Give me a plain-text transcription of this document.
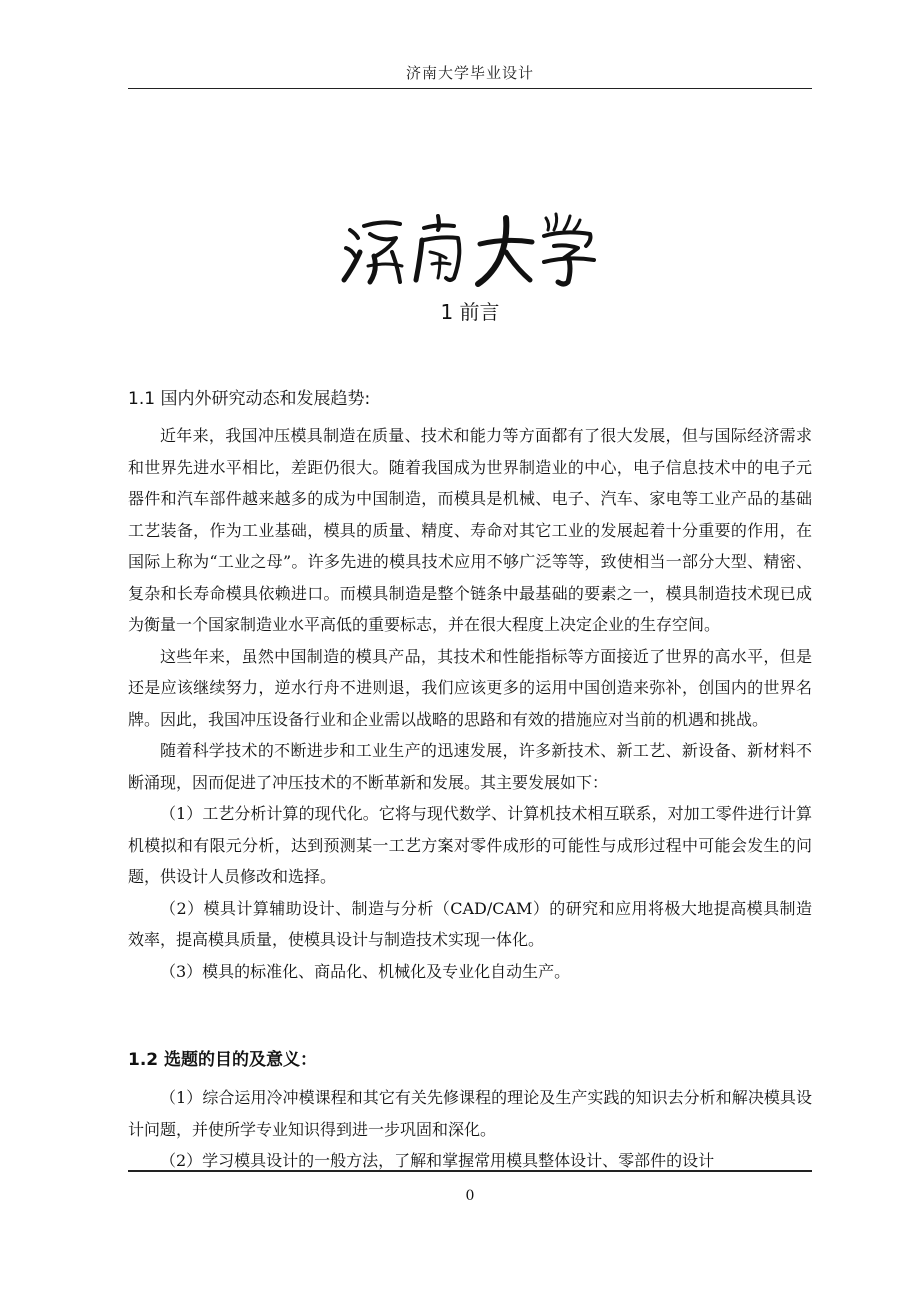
济南大学毕业设计
1 前言
1.1 国内外研究动态和发展趋势:

近年来，我国冲压模具制造在质量、技术和能力等方面都有了很大发展，但与国际经济需求和世界先进水平相比，差距仍很大。随着我国成为世界制造业的中心，电子信息技术中的电子元器件和汽车部件越来越多的成为中国制造，而模具是机械、电子、汽车、家电等工业产品的基础工艺装备，作为工业基础，模具的质量、精度、寿命对其它工业的发展起着十分重要的作用，在国际上称为“工业之母”。许多先进的模具技术应用不够广泛等等，致使相当一部分大型、精密、复杂和长寿命模具依赖进口。而模具制造是整个链条中最基础的要素之一，模具制造技术现已成为衡量一个国家制造业水平高低的重要标志，并在很大程度上决定企业的生存空间。

这些年来，虽然中国制造的模具产品，其技术和性能指标等方面接近了世界的高水平，但是还是应该继续努力，逆水行舟不进则退，我们应该更多的运用中国创造来弥补，创国内的世界名牌。因此，我国冲压设备行业和企业需以战略的思路和有效的措施应对当前的机遇和挑战。

随着科学技术的不断进步和工业生产的迅速发展，许多新技术、新工艺、新设备、新材料不断涌现，因而促进了冲压技术的不断革新和发展。其主要发展如下：

（1）工艺分析计算的现代化。它将与现代数学、计算机技术相互联系，对加工零件进行计算机模拟和有限元分析，达到预测某一工艺方案对零件成形的可能性与成形过程中可能会发生的问题，供设计人员修改和选择。

（2）模具计算辅助设计、制造与分析（CAD/CAM）的研究和应用将极大地提高模具制造效率，提高模具质量，使模具设计与制造技术实现一体化。

（3）模具的标准化、商品化、机械化及专业化自动生产。

1.2 选题的目的及意义：

（1）综合运用冷冲模课程和其它有关先修课程的理论及生产实践的知识去分析和解决模具设计问题，并使所学专业知识得到进一步巩固和深化。

（2）学习模具设计的一般方法，了解和掌握常用模具整体设计、零部件的设计

0
